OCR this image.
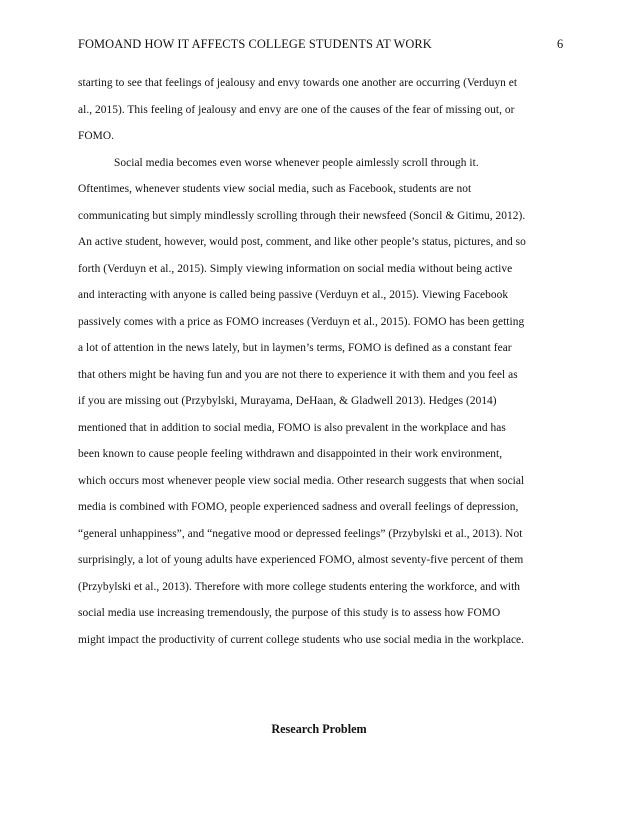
FOMOAND HOW IT AFFECTS COLLEGE STUDENTS AT WORK	6
starting to see that feelings of jealousy and envy towards one another are occurring (Verduyn et
al., 2015). This feeling of jealousy and envy are one of the causes of the fear of missing out, or
FOMO.
Social media becomes even worse whenever people aimlessly scroll through it.
Oftentimes, whenever students view social media, such as Facebook, students are not
communicating but simply mindlessly scrolling through their newsfeed (Soncil & Gitimu, 2012).
An active student, however, would post, comment, and like other people’s status, pictures, and so
forth (Verduyn et al., 2015). Simply viewing information on social media without being active
and interacting with anyone is called being passive (Verduyn et al., 2015). Viewing Facebook
passively comes with a price as FOMO increases (Verduyn et al., 2015). FOMO has been getting
a lot of attention in the news lately, but in laymen’s terms, FOMO is defined as a constant fear
that others might be having fun and you are not there to experience it with them and you feel as
if you are missing out (Przybylski, Murayama, DeHaan, & Gladwell 2013). Hedges (2014)
mentioned that in addition to social media, FOMO is also prevalent in the workplace and has
been known to cause people feeling withdrawn and disappointed in their work environment,
which occurs most whenever people view social media. Other research suggests that when social
media is combined with FOMO, people experienced sadness and overall feelings of depression,
“general unhappiness”, and “negative mood or depressed feelings” (Przybylski et al., 2013). Not
surprisingly, a lot of young adults have experienced FOMO, almost seventy-five percent of them
(Przybylski et al., 2013). Therefore with more college students entering the workforce, and with
social media use increasing tremendously, the purpose of this study is to assess how FOMO
might impact the productivity of current college students who use social media in the workplace.
Research Problem
